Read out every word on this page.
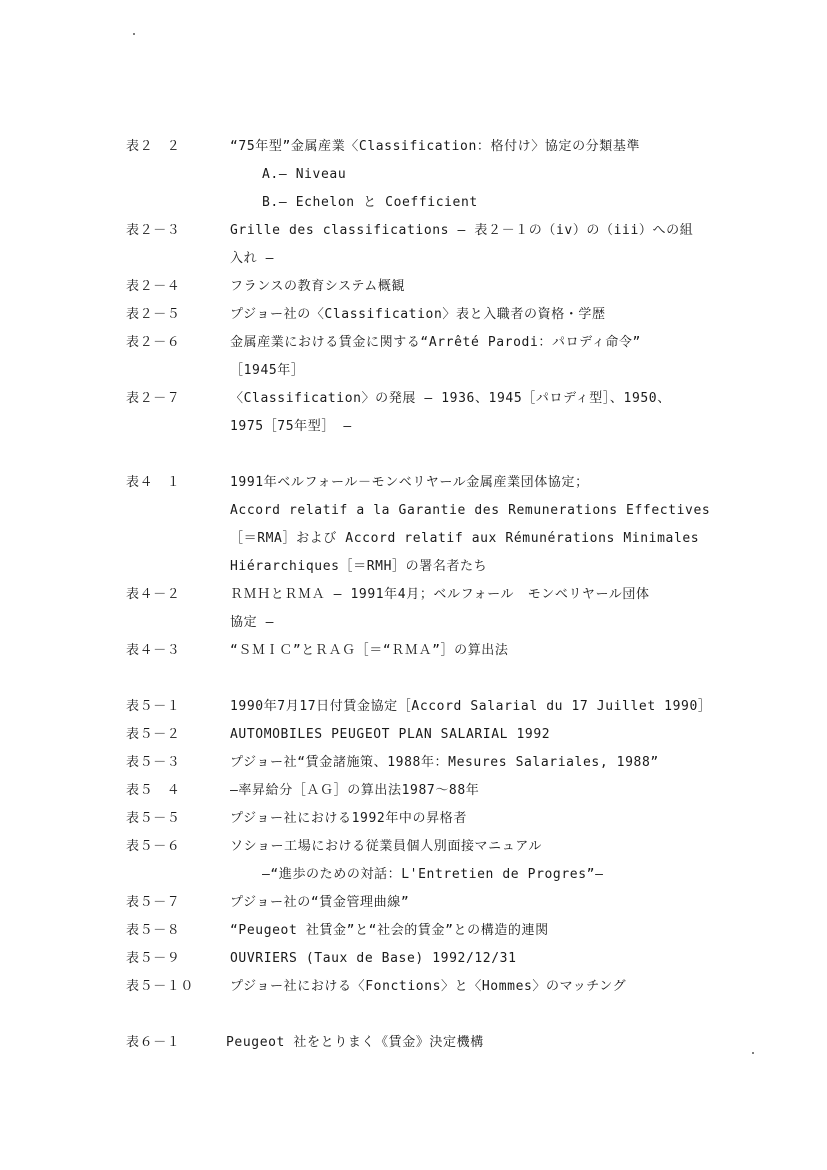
表２　２	“75年型”金属産業〈Classification：格付け〉協定の分類基準
A.— Niveau
B.— Echelon と Coefficient
表２－３	Grille des classifications — 表２－１の（iv）の（iii）への組
入れ —
表２－４	フランスの教育システム概観
表２－５	プジョー社の〈Classification〉表と入職者の資格・学歴
表２－６	金属産業における賃金に関する“Arrêté Parodi：パロディ命令”
［1945年］
表２－７	〈Classification〉の発展 — 1936、1945［パロディ型］、1950、
1975［75年型］ —
表４　１	1991年ベルフォール－モンベリヤール金属産業団体協定；
Accord relatif a la Garantie des Remunerations Effectives
［＝RMA］および Accord relatif aux Rémunérations Minimales
Hiérarchiques［＝RMH］の署名者たち
表４－２	ＲＭＨとＲＭＡ — 1991年4月；ベルフォール　モンベリヤール団体
協定 —
表４－３	“ＳＭＩＣ”とＲＡＧ［＝“ＲＭＡ”］の算出法
表５－１	1990年7月17日付賃金協定［Accord Salarial du 17 Juillet 1990］
表５－２	AUTOMOBILES PEUGEOT PLAN SALARIAL 1992
表５－３	プジョー社“賃金諸施策、1988年：Mesures Salariales, 1988”
表５　４	—率昇給分［ＡＧ］の算出法1987～88年
表５－５	プジョー社における1992年中の昇格者
表５－６	ソショー工場における従業員個人別面接マニュアル
—“進歩のための対話：L'Entretien de Progres”—
表５－７	プジョー社の“賃金管理曲線”
表５－８	“Peugeot 社賃金”と“社会的賃金”との構造的連関
表５－９	OUVRIERS (Taux de Base) 1992/12/31
表５－１０	プジョー社における〈Fonctions〉と〈Hommes〉のマッチング
表６－１	Peugeot 社をとりまく《賃金》決定機構
